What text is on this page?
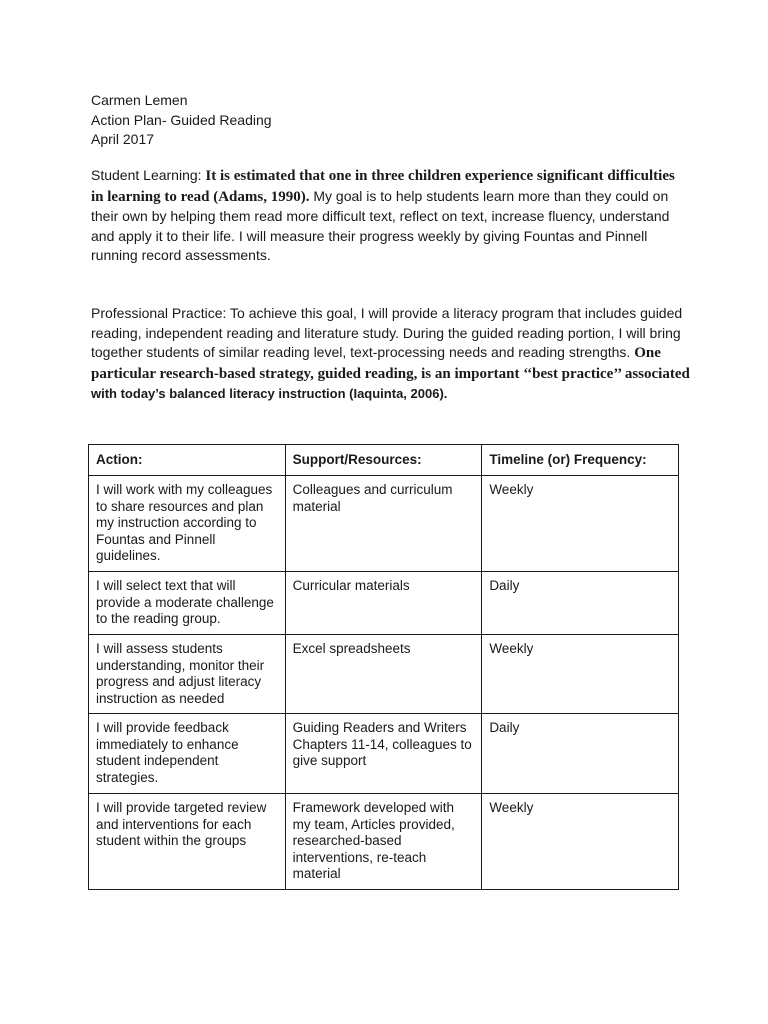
Carmen Lemen
Action Plan- Guided Reading
April 2017
Student Learning: It is estimated that one in three children experience significant difficulties in learning to read (Adams, 1990). My goal is to help students learn more than they could on their own by helping them read more difficult text, reflect on text, increase fluency, understand and apply it to their life. I will measure their progress weekly by giving Fountas and Pinnell running record assessments.
Professional Practice: To achieve this goal, I will provide a literacy program that includes guided reading, independent reading and literature study. During the guided reading portion, I will bring together students of similar reading level, text-processing needs and reading strengths. One particular research-based strategy, guided reading, is an important ‘‘best practice’’ associated with today’s balanced literacy instruction (Iaquinta, 2006).
Action:	Support/Resources:	Timeline (or) Frequency:
I will work with my colleagues to share resources and plan my instruction according to Fountas and Pinnell guidelines.	Colleagues and curriculum material	Weekly
I will select text that will provide a moderate challenge to the reading group.	Curricular materials	Daily
I will assess students understanding, monitor their progress and adjust literacy instruction as needed	Excel spreadsheets	Weekly
I will provide feedback immediately to enhance student independent strategies.	Guiding Readers and Writers Chapters 11-14, colleagues to give support	Daily
I will provide targeted review and interventions for each student within the groups	Framework developed with my team, Articles provided, researched-based interventions, re-teach material	Weekly
